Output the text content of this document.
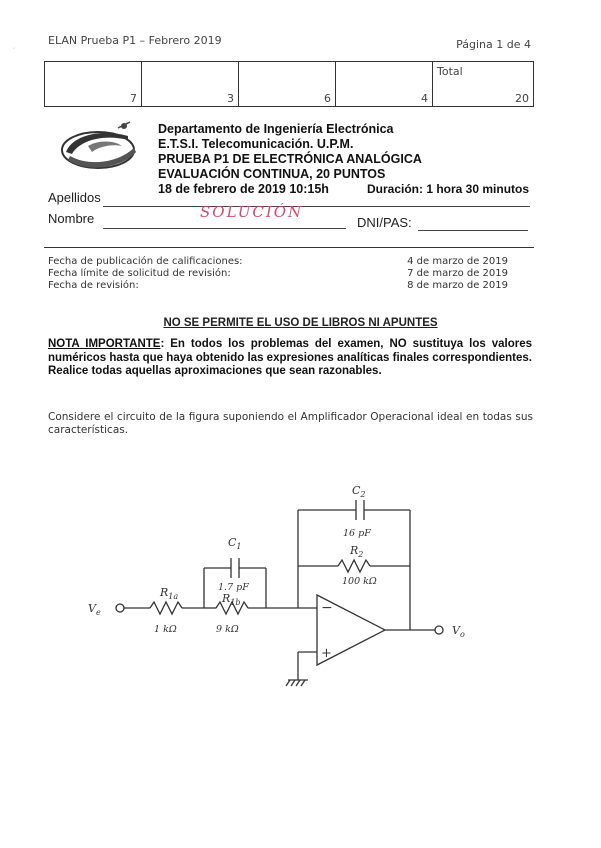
ELAN Prueba P1 – Febrero 2019	Página 1 de 4
˙
7	3	6	4	
Total
20
Departamento de Ingeniería Electrónica
E.T.S.I. Telecomunicación. U.P.M.
PRUEBA P1 DE ELECTRÓNICA ANALÓGICA
EVALUACIÓN CONTINUA, 20 PUNTOS
18 de febrero de 2019 10:15h	Duración: 1 hora 30 minutos
Apellidos
Nombre	SOLUCIÓN
DNI/PAS:
Fecha de publicación de calificaciones:	4 de marzo de 2019
Fecha límite de solicitud de revisión:	7 de marzo de 2019
Fecha de revisión:	8 de marzo de 2019
NO SE PERMITE EL USO DE LIBROS NI APUNTES
NOTA IMPORTANTE: En todos los problemas del examen, NO sustituya los valores numéricos hasta que haya obtenido las expresiones analíticas finales correspondientes. Realice todas aquellas aproximaciones que sean razonables.
Considere el circuito de la figura suponiendo el Amplificador Operacional ideal en todas sus características.
$V_e$
$V_o$
$R_{1a}$
1 kΩ
$R_{1b}$
9 kΩ
$C_1$
1.7 pF
$C_2$
16 pF
$R_2$
100 kΩ
−
+
